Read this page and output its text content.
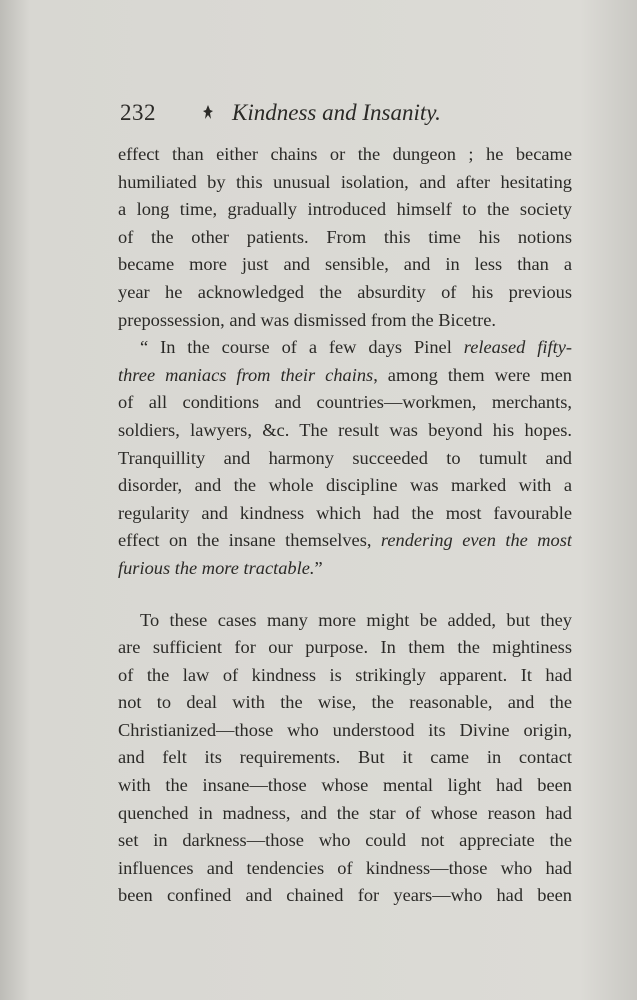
232	Kindness and Insanity.
effect than either chains or the dungeon ; he became
humiliated by this unusual isolation, and after hesitating
a long time, gradually introduced himself to the society
of the other patients. From this time his notions
became more just and sensible, and in less than a
year he acknowledged the absurdity of his previous
prepossession, and was dismissed from the Bicetre.
“ In the course of a few days Pinel released fifty-
three maniacs from their chains, among them were men
of all conditions and countries—workmen, merchants,
soldiers, lawyers, &c. The result was beyond his hopes.
Tranquillity and harmony succeeded to tumult and
disorder, and the whole discipline was marked with a
regularity and kindness which had the most favourable
effect on the insane themselves, rendering even the most
furious the more tractable.”
To these cases many more might be added, but they
are sufficient for our purpose. In them the mightiness
of the law of kindness is strikingly apparent. It had
not to deal with the wise, the reasonable, and the
Christianized—those who understood its Divine origin,
and felt its requirements. But it came in contact
with the insane—those whose mental light had been
quenched in madness, and the star of whose reason had
set in darkness—those who could not appreciate the
influences and tendencies of kindness—those who had
been confined and chained for years—who had been
